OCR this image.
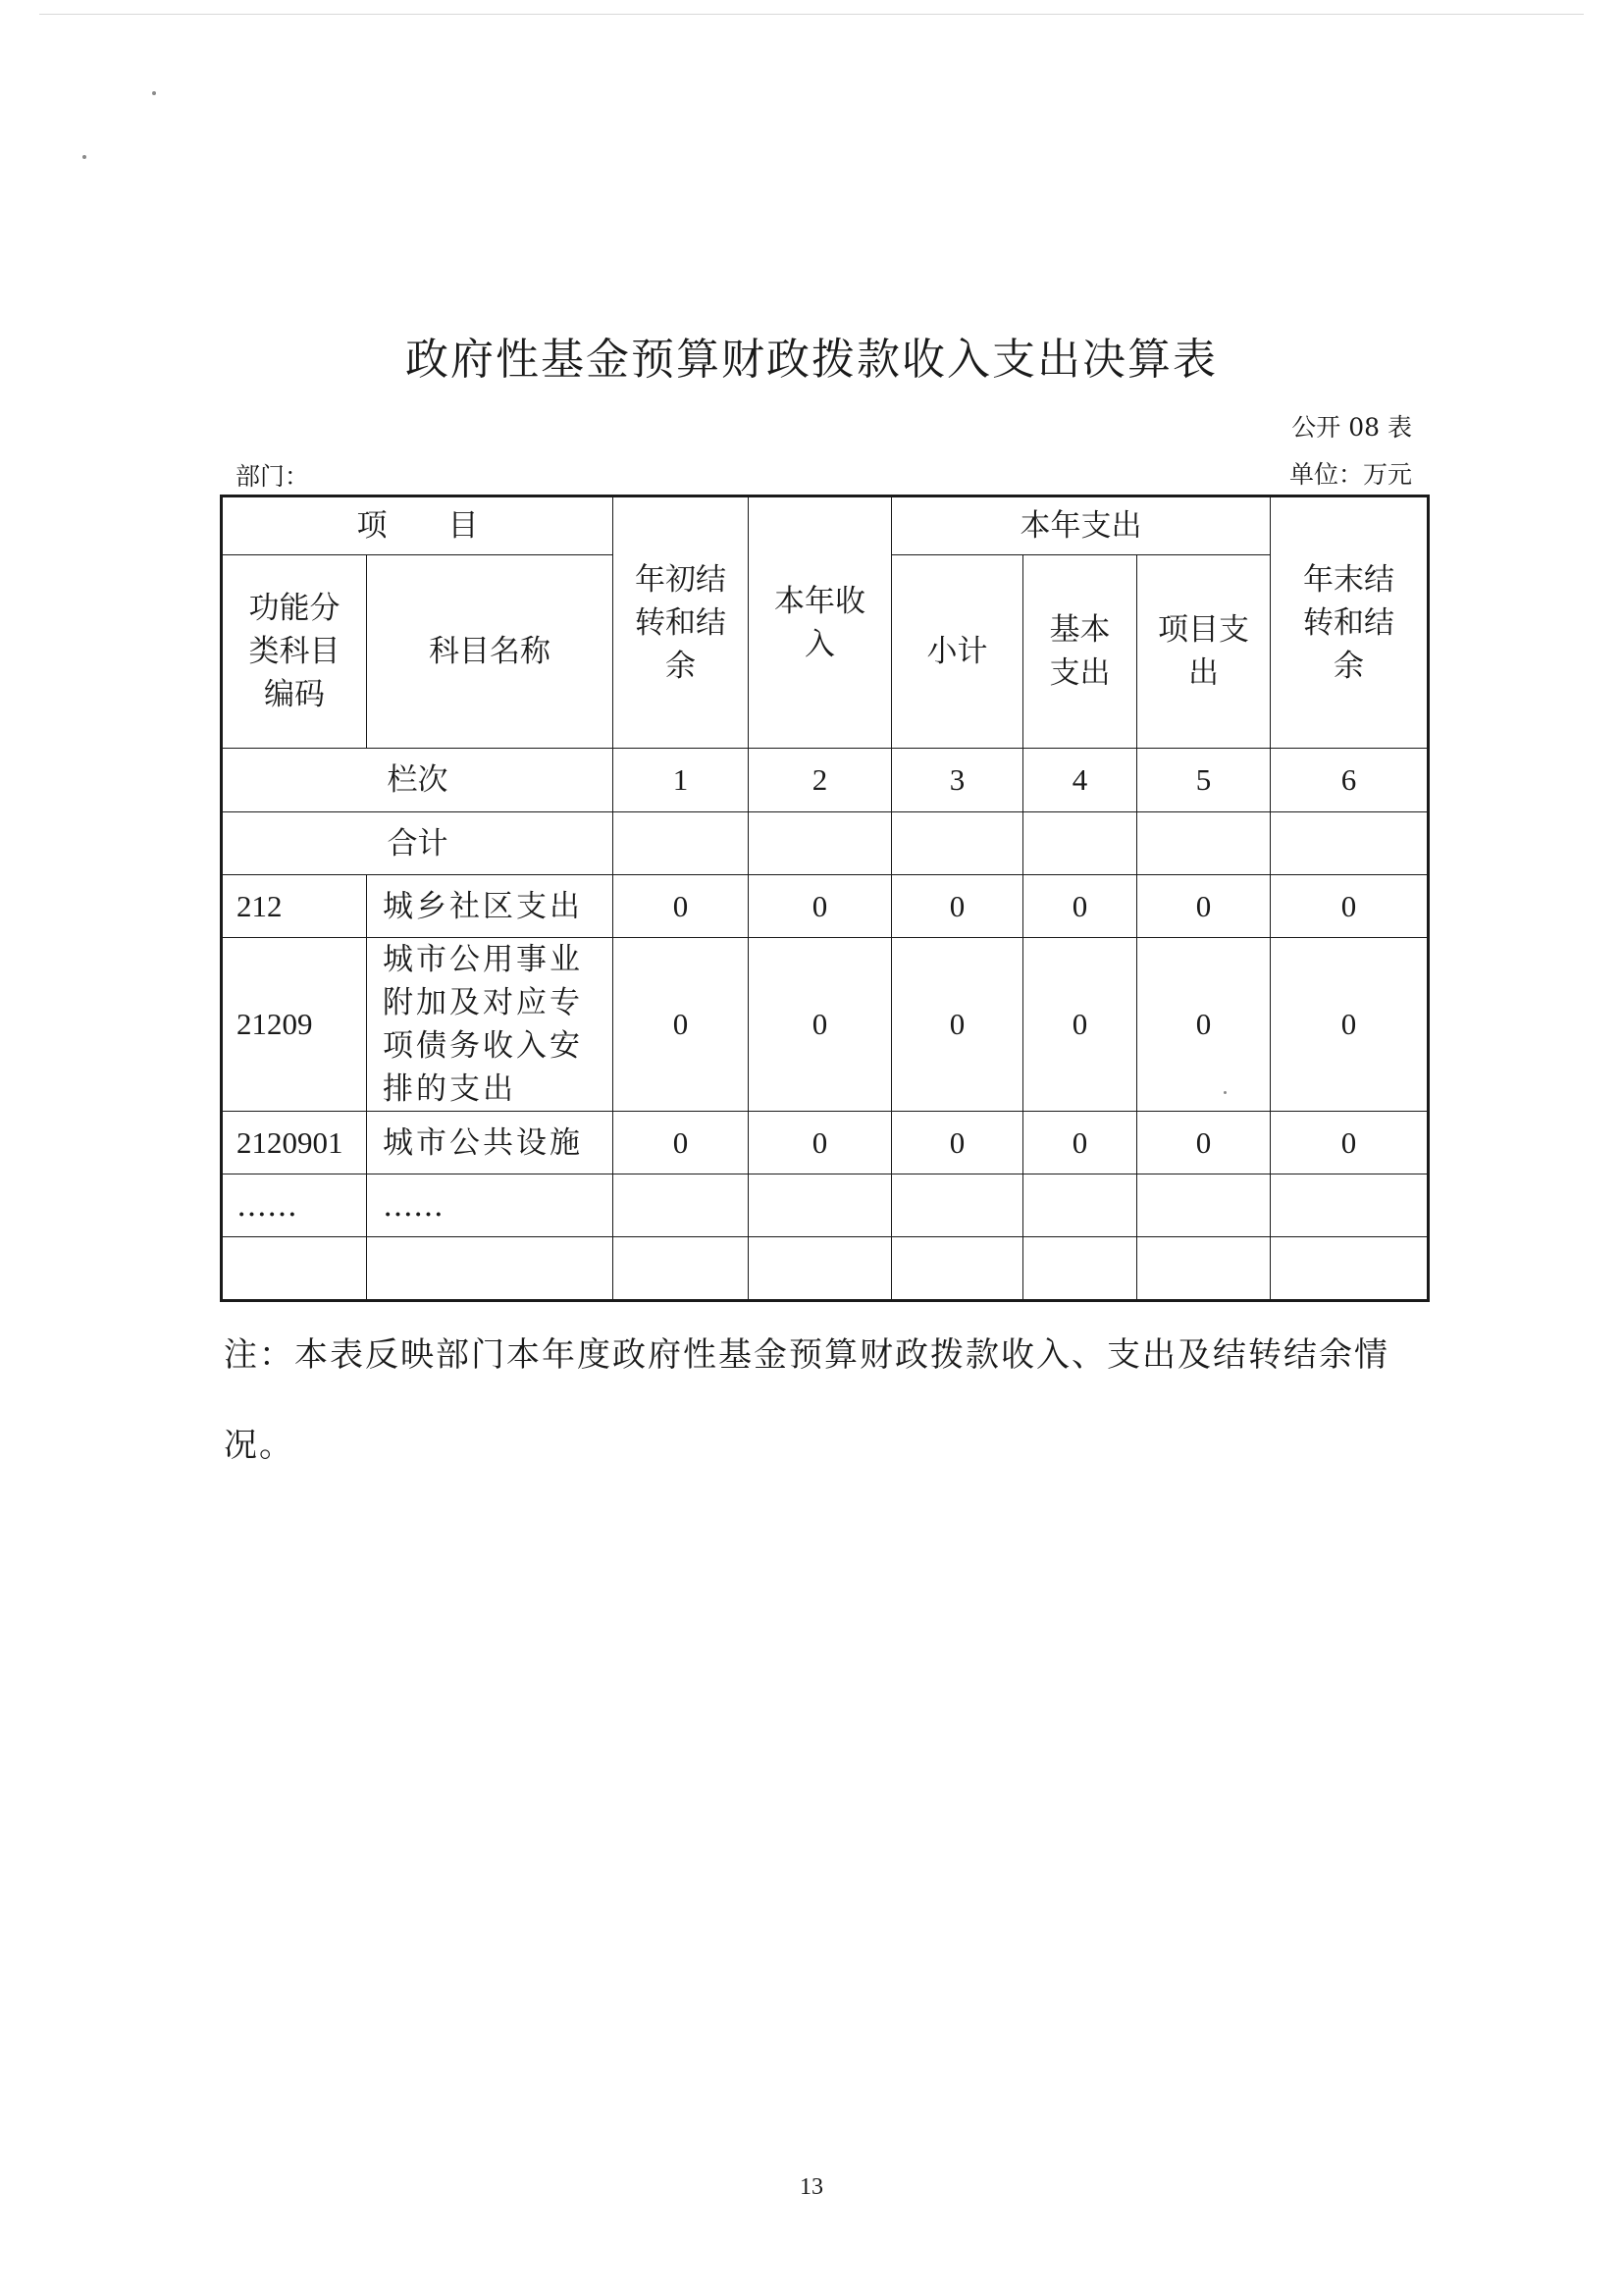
政府性基金预算财政拨款收入支出决算表
公开 08 表
部门：	单位：万元
项　　目		年初结转和结余	本年收入	本年支出			年末结转和结余
功能分类科目编码	科目名称			小计	基本支出	项目支出	
栏次		1	2	3	4	5	6
合计							
212	城乡社区支出	0	0	0	0	0	0
21209	城市公用事业附加及对应专项债务收入安排的支出	0	0	0	0	0	0
2120901	城市公共设施	0	0	0	0	0	0
……	……						

注：本表反映部门本年度政府性基金预算财政拨款收入、支出及结转结余情况。
13
